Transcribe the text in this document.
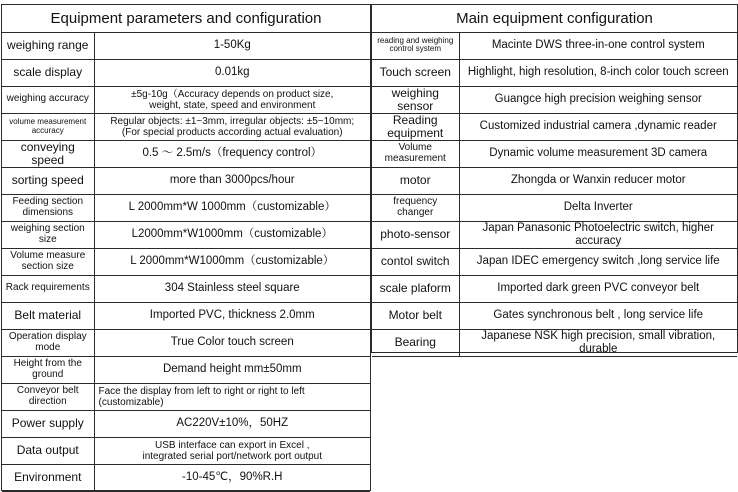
Equipment parameters and configuration
weighing range	1-50Kg

scale display	0.01kg

weighing accuracy	±5g-10g（Accuracy depends on product size,
weight, state, speed and environment

volume measurement accuracy	Regular objects: ±1~3mm, irregular objects: ±5~10mm;
(For special products according actual evaluation)

conveying speed	0.5 ～ 2.5m/s（frequency control）

sorting speed	more than 3000pcs/hour

Feeding section dimensions	L 2000mm*W 1000mm（customizable）

weighing section size	L2000mm*W1000mm（customizable）

Volume measure section size	L 2000mm*W1000mm（customizable）

Rack requirements	304 Stainless steel square

Belt material	Imported PVC, thickness 2.0mm

Operation display mode	True Color touch screen

Height from the ground	Demand height mm±50mm

Conveyor belt direction	Face the display from left to right or right to left
(customizable)

Power supply	AC220V±10%，50HZ

Data output	USB interface can export in Excel ,
integrated serial port/network port output

Environment	-10-45℃，90%R.H
Main equipment configuration
reading and weighing control system	Macinte DWS three-in-one control system
Touch screen	Highlight, high resolution, 8-inch color touch screen
weighing sensor	Guangce high precision weighing sensor
Reading equipment	Customized industrial camera ,dynamic reader
Volume measurement	Dynamic volume measurement 3D camera
motor	Zhongda or Wanxin reducer motor
frequency changer	Delta Inverter
photo-sensor	Japan Panasonic Photoelectric switch, higher accuracy
contol switch	Japan IDEC emergency switch ,long service life
scale plaform	Imported dark green PVC conveyor belt
Motor belt	Gates synchronous belt , long service life
Bearing	Japanese NSK high precision, small vibration, durable
